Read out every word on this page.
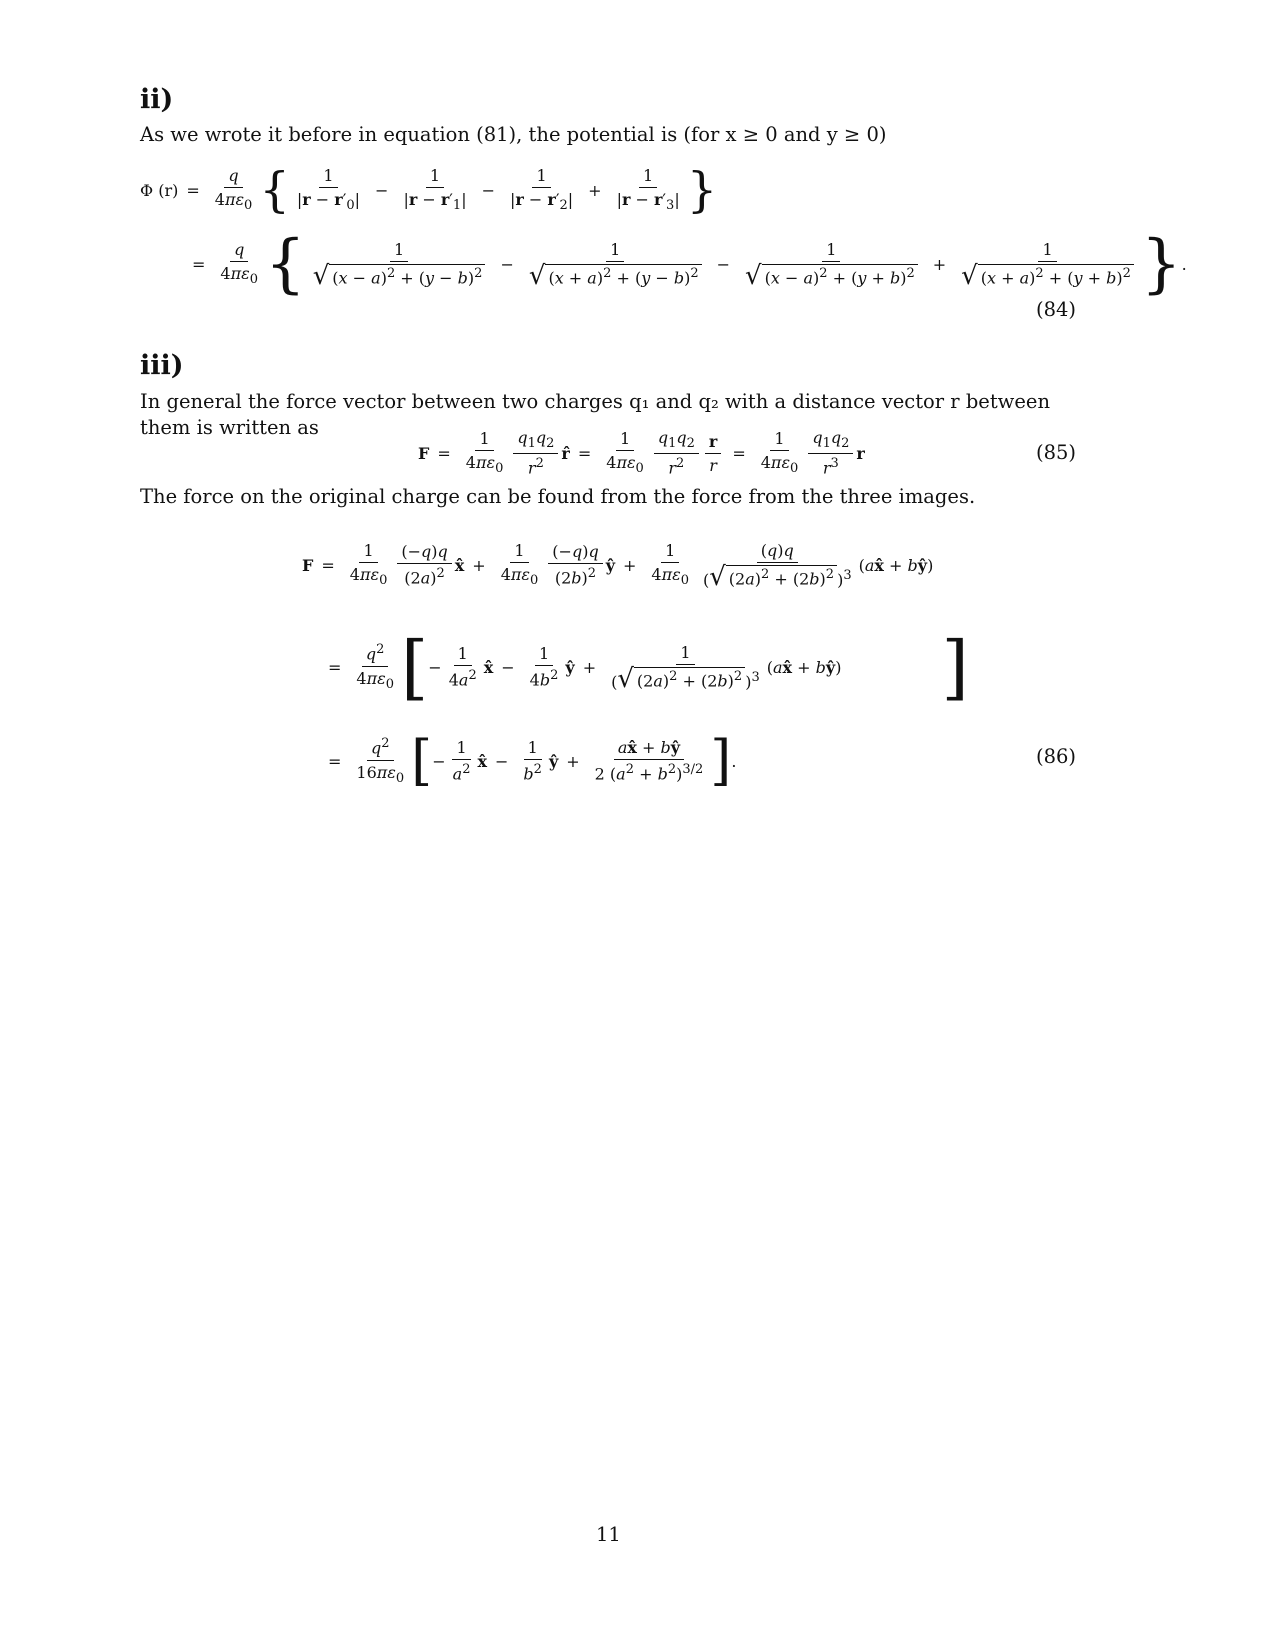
ii)
As we wrote it before in equation (81), the potential is (for x ≥ 0 and y ≥ 0)
Φ $(r) = \frac{q}{4\pi\varepsilon_0}$ { $\frac{1}{|r - r'_0|} - \frac{1}{|r - r'_1|} - \frac{1}{|r - r'_2|} + \frac{1}{|r - r'_3|}$ }
= $\frac{q}{4\pi\varepsilon_0}$ { $\frac{1}{√ (x - a)^2 + (y - b)^2} - \frac{1}{√ (x + a)^2 + (y - b)^2} - \frac{1}{√ (x - a)^2 + (y + b)^2} + \frac{1}{√ (x + a)^2 + (y + b)^2}$ } .
(84)
iii)
In general the force vector between two charges q₁ and q₂ with a distance vector r between them is written as
$F = \frac{1}{4\pi\varepsilon_0} \frac{q_1q_2}{r^2}$ r̂ = $\frac{1}{4\pi\varepsilon_0} \frac{q_1q_2}{r^2} \frac{r}{r} = \frac{1}{4\pi\varepsilon_0} \frac{q_1q_2}{r^3}$ r	(85)
The force on the original charge can be found from the force from the three images.
$F = \frac{1}{4\pi\varepsilon_0} \frac{(-q)q}{(2a)^2}$ x̂ + $\frac{1}{4\pi\varepsilon_0} \frac{(-q)q}{(2b)^2}$ ŷ + $\frac{1}{4\pi\varepsilon_0} \frac{(q)q}{( √ (2a)^2 + (2b)^2 )^3}$ (ax̂ + bŷ)
= $\frac{q^2}{4\pi\varepsilon_0}$ [ − $\frac{1}{4a^2}$ x̂ − $\frac{1}{4b^2}$ ŷ + $\frac{1}{( √ (2a)^2 + (2b)^2 )^3}$ (ax̂ + bŷ) ]
= $\frac{q^2}{16\pi\varepsilon_0}$ [ − $\frac{1}{a^2}$ x̂ − $\frac{1}{b^2}$ ŷ + $\frac{ax̂ + bŷ}{2 (a^2 + b^2)^{3/2}}$ ] .	(86)
11
